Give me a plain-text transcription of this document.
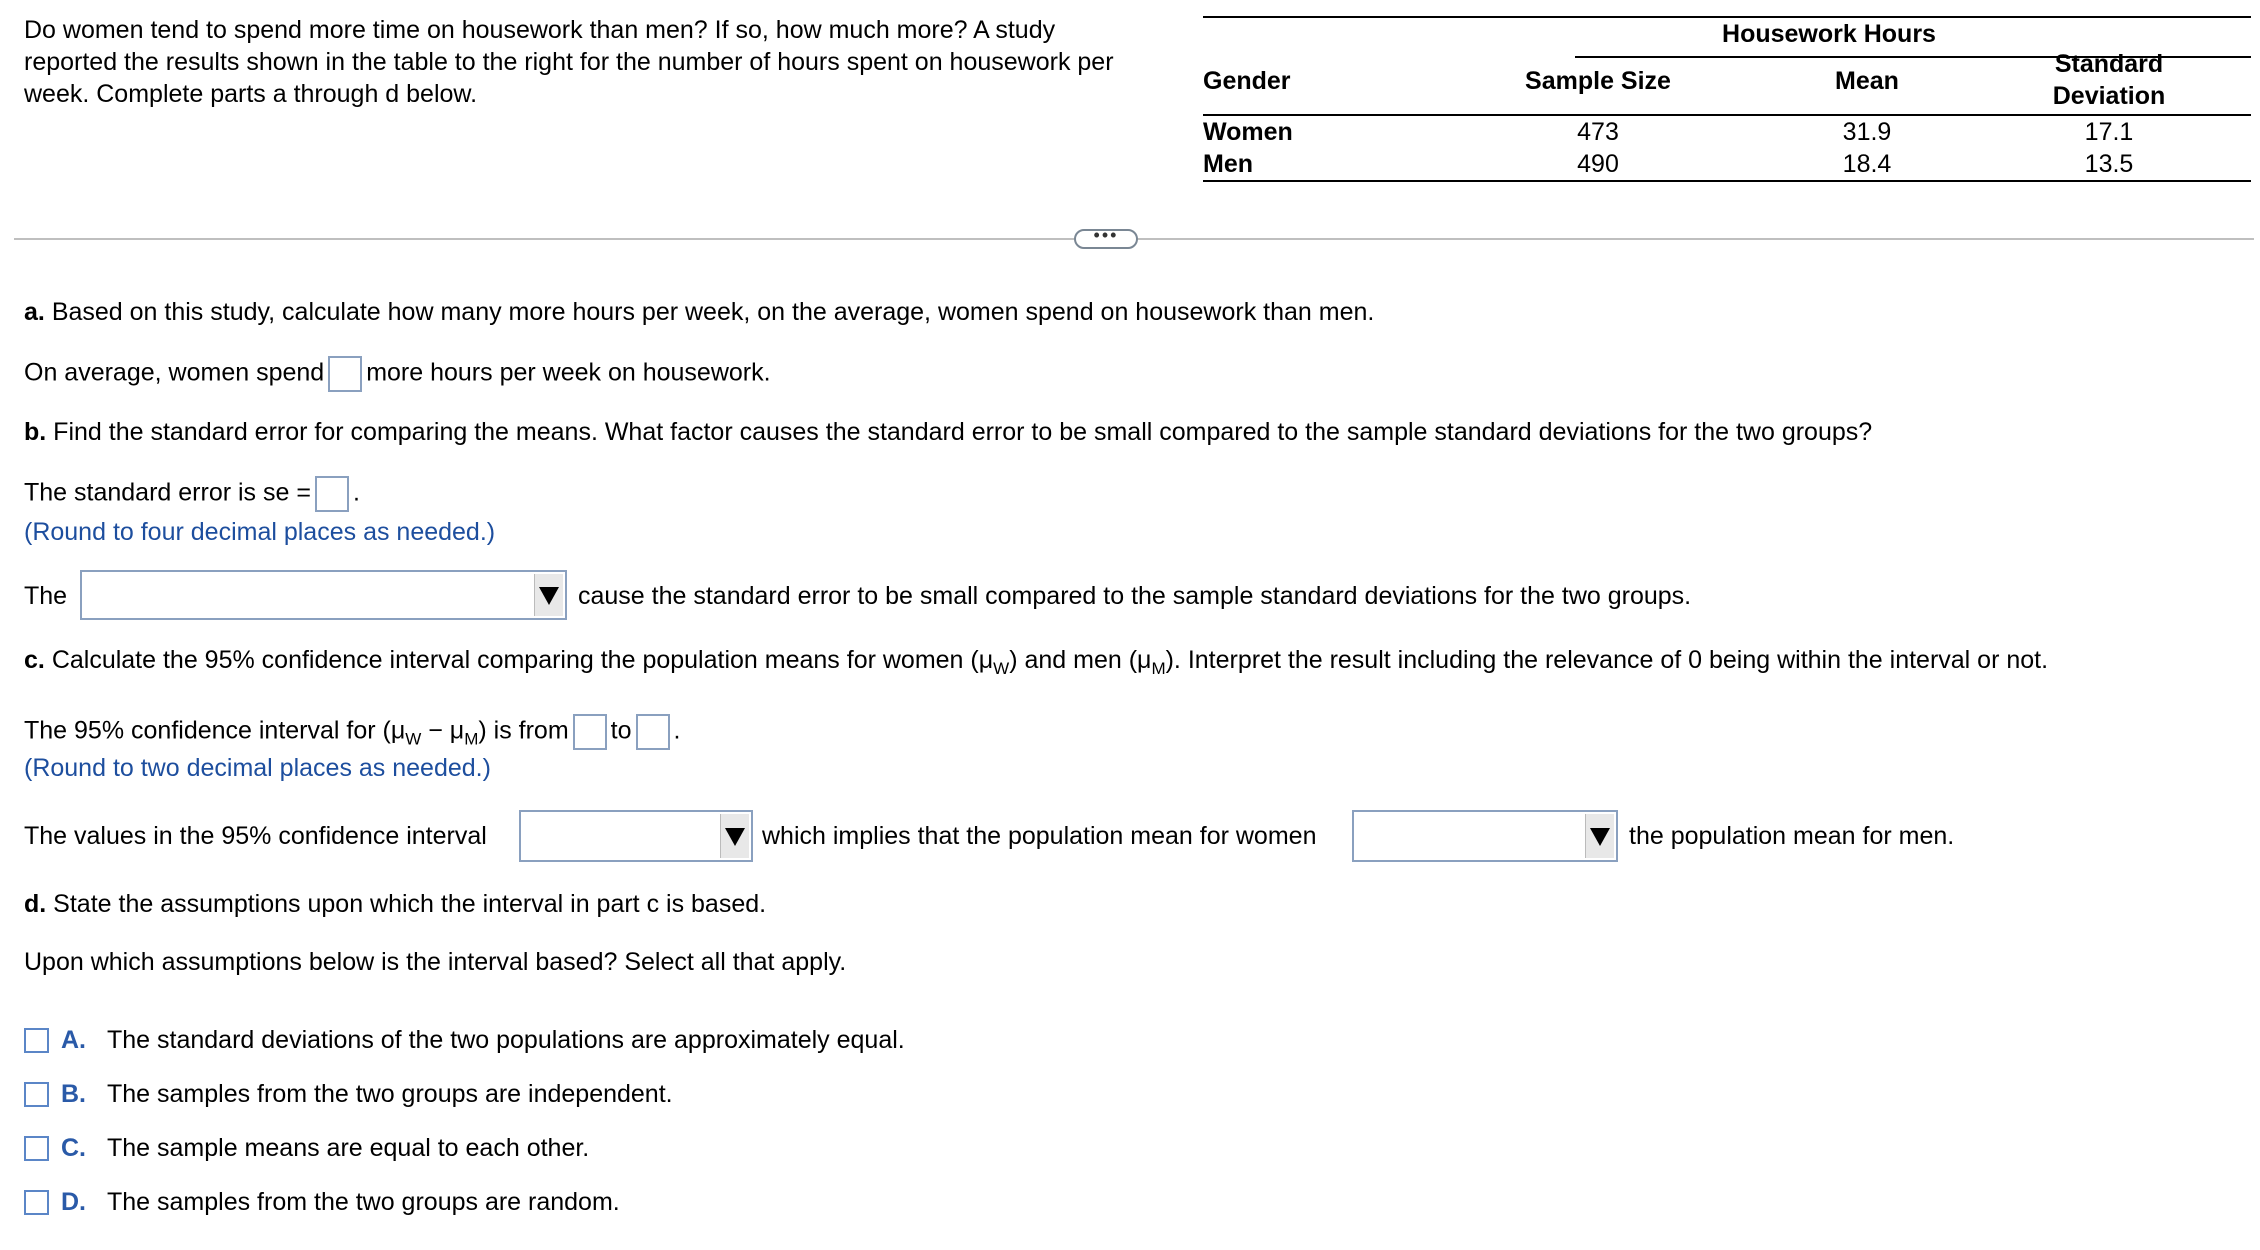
Do women tend to spend more time on housework than men? If so, how much more? A study reported the results shown in the table to the right for the number of hours spent on housework per week. Complete parts a through d below.
Housework Hours
Gender	Sample Size	Mean
Standard
Deviation
Women	473	31.9	17.1
Men	490	18.4	13.5
•••
a. Based on this study, calculate how many more hours per week, on the average, women spend on housework than men.
On average, women spend more hours per week on housework.
b. Find the standard error for comparing the means. What factor causes the standard error to be small compared to the sample standard deviations for the two groups?
The standard error is se = .
(Round to four decimal places as needed.)
The	cause the standard error to be small compared to the sample standard deviations for the two groups.
c. Calculate the 95% confidence interval comparing the population means for women $(\mu_W)$ and men $(\mu_M)$. Interpret the result including the relevance of 0 being within the interval or not.
The 95% confidence interval for $(\mu_W - \mu_M)$ is from to .
(Round to two decimal places as needed.)
The values in the 95% confidence interval	which implies that the population mean for women	the population mean for men.
d. State the assumptions upon which the interval in part c is based.
Upon which assumptions below is the interval based? Select all that apply.
A. The standard deviations of the two populations are approximately equal.
B. The samples from the two groups are independent.
C. The sample means are equal to each other.
D. The samples from the two groups are random.
